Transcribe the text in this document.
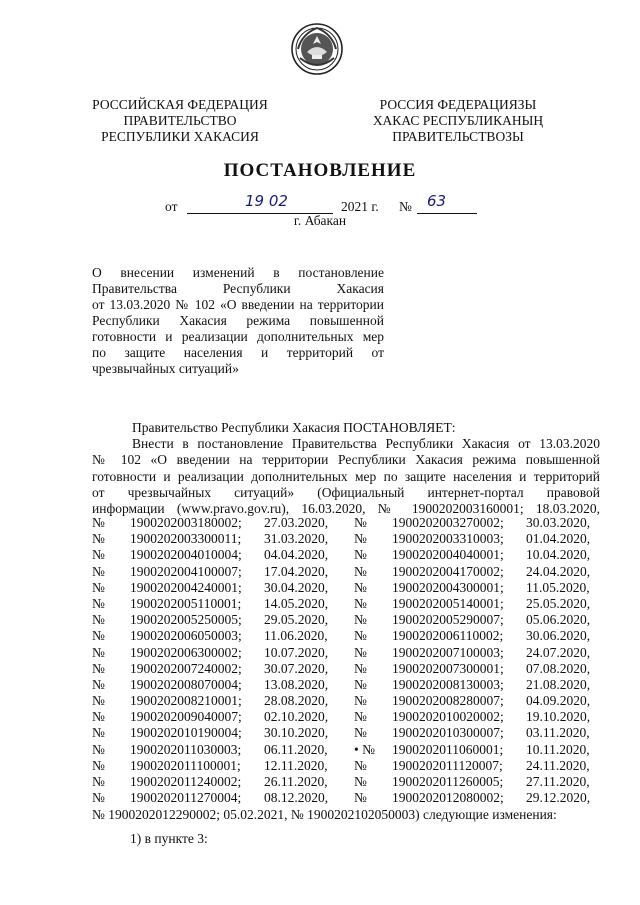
РОССИЙСКАЯ ФЕДЕРАЦИЯ
ПРАВИТЕЛЬСТВО
РЕСПУБЛИКИ ХАКАСИЯ
РОССИЯ ФЕДЕРАЦИЯЗЫ
ХАКАС РЕСПУБЛИКАНЫҢ
ПРАВИТЕЛЬСТВОЗЫ
ПОСТАНОВЛЕНИЕ
от	19 02	2021 г. № 63
г. Абакан
О внесении изменений в постановление
Правительства Республики Хакасия
от 13.03.2020 № 102 «О введении на территории
Республики Хакасия режима повышенной
готовности и реализации дополнительных мер
по защите населения и территорий от
чрезвычайных ситуаций»
Правительство Республики Хакасия ПОСТАНОВЛЯЕТ:
Внести в постановление Правительства Республики Хакасия от 13.03.2020
№ 102 «О введении на территории Республики Хакасия режима повышенной
готовности и реализации дополнительных мер по защите населения и территорий
от чрезвычайных ситуаций» (Официальный интернет-портал правовой
информации (www.pravo.gov.ru), 16.03.2020, № 1900202003160001; 18.03.2020,
№ 1900202003180002; 27.03.2020, № 1900202003270002; 30.03.2020,
№ 1900202003300011; 31.03.2020, № 1900202003310003; 01.04.2020,
№ 1900202004010004; 04.04.2020, № 1900202004040001; 10.04.2020,
№ 1900202004100007; 17.04.2020, № 1900202004170002; 24.04.2020,
№ 1900202004240001; 30.04.2020, № 1900202004300001; 11.05.2020,
№ 1900202005110001; 14.05.2020, № 1900202005140001; 25.05.2020,
№ 1900202005250005; 29.05.2020, № 1900202005290007; 05.06.2020,
№ 1900202006050003; 11.06.2020, № 1900202006110002; 30.06.2020,
№ 1900202006300002; 10.07.2020, № 1900202007100003; 24.07.2020,
№ 1900202007240002; 30.07.2020, № 1900202007300001; 07.08.2020,
№ 1900202008070004; 13.08.2020, № 1900202008130003; 21.08.2020,
№ 1900202008210001; 28.08.2020, № 1900202008280007; 04.09.2020,
№ 1900202009040007; 02.10.2020, № 1900202010020002; 19.10.2020,
№ 1900202010190004; 30.10.2020, № 1900202010300007; 03.11.2020,
№ 1900202011030003; 06.11.2020, • № 1900202011060001; 10.11.2020,
№ 1900202011100001; 12.11.2020, № 1900202011120007; 24.11.2020,
№ 1900202011240002; 26.11.2020, № 1900202011260005; 27.11.2020,
№ 1900202011270004; 08.12.2020, № 1900202012080002; 29.12.2020,
№ 1900202012290002; 05.02.2021, № 1900202102050003) следующие изменения:
1) в пункте 3:
